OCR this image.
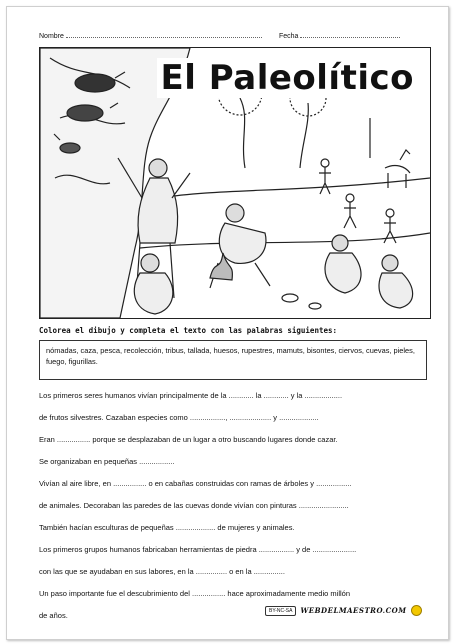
Nombre	Fecha
El Paleolítico
Colorea el dibujo y completa el texto con las palabras siguientes:
nómadas, caza, pesca, recolección, tribus, tallada, huesos, rupestres, mamuts, bisontes, ciervos, cuevas, pieles, fuego, figurillas.
Los primeros seres humanos vivían principalmente de la ............ la ............ y la ..................
de frutos silvestres. Cazaban especies como ................., .................... y ...................
Eran ................ porque se desplazaban de un lugar a otro buscando lugares donde cazar.
Se organizaban en pequeñas .................
Vivían al aire libre, en ................ o en cabañas construidas con ramas de árboles y .................
de animales. Decoraban las paredes de las cuevas donde vivían con pinturas ........................
También hacían esculturas de pequeñas ................... de mujeres y animales.
Los primeros grupos humanos fabricaban herramientas de piedra ................. y de .....................
con las que se ayudaban en sus labores, en la ............... o en la ...............
Un paso importante fue el descubrimiento del ................ hace aproximadamente medio millón
de años.
BY-NC-SA	WEBDELMAESTRO.COM
